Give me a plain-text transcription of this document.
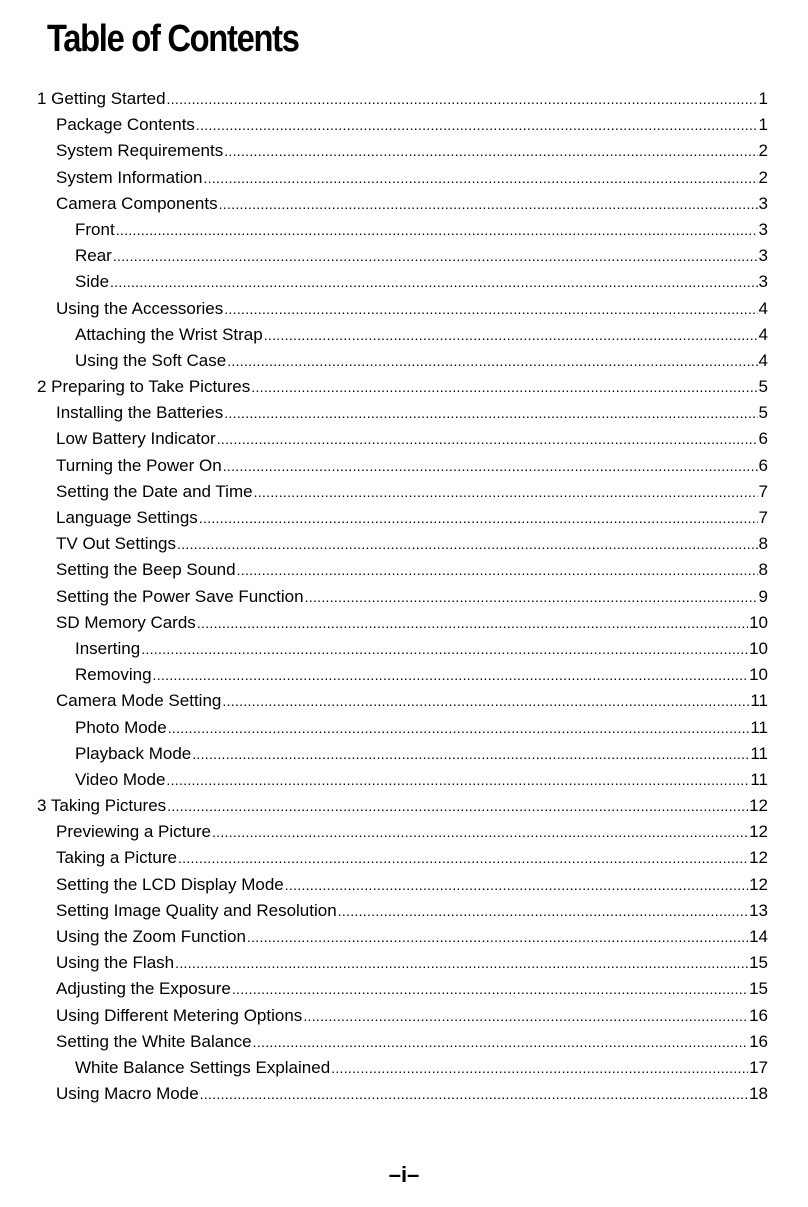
Table of Contents
1 Getting Started .....	1
Package Contents .....	1
System Requirements .....	2
System Information .....	2
Camera Components .....	3
Front .....	3
Rear .....	3
Side .....	3
Using the Accessories .....	4
Attaching the Wrist Strap .....	4
Using the Soft Case .....	4
2 Preparing to Take Pictures .....	5
Installing the Batteries .....	5
Low Battery Indicator .....	6
Turning the Power On .....	6
Setting the Date and Time .....	7
Language Settings .....	7
TV Out Settings .....	8
Setting the Beep Sound .....	8
Setting the Power Save Function .....	9
SD Memory Cards .....	10
Inserting .....	10
Removing .....	10
Camera Mode Setting .....	11
Photo Mode .....	11
Playback Mode .....	11
Video Mode .....	11
3 Taking Pictures .....	12
Previewing a Picture .....	12
Taking a Picture .....	12
Setting the LCD Display Mode .....	12
Setting Image Quality and Resolution .....	13
Using the Zoom Function .....	14
Using the Flash .....	15
Adjusting the Exposure .....	15
Using Different Metering Options .....	16
Setting the White Balance .....	16
White Balance Settings Explained .....	17
Using Macro Mode .....	18
–i–
